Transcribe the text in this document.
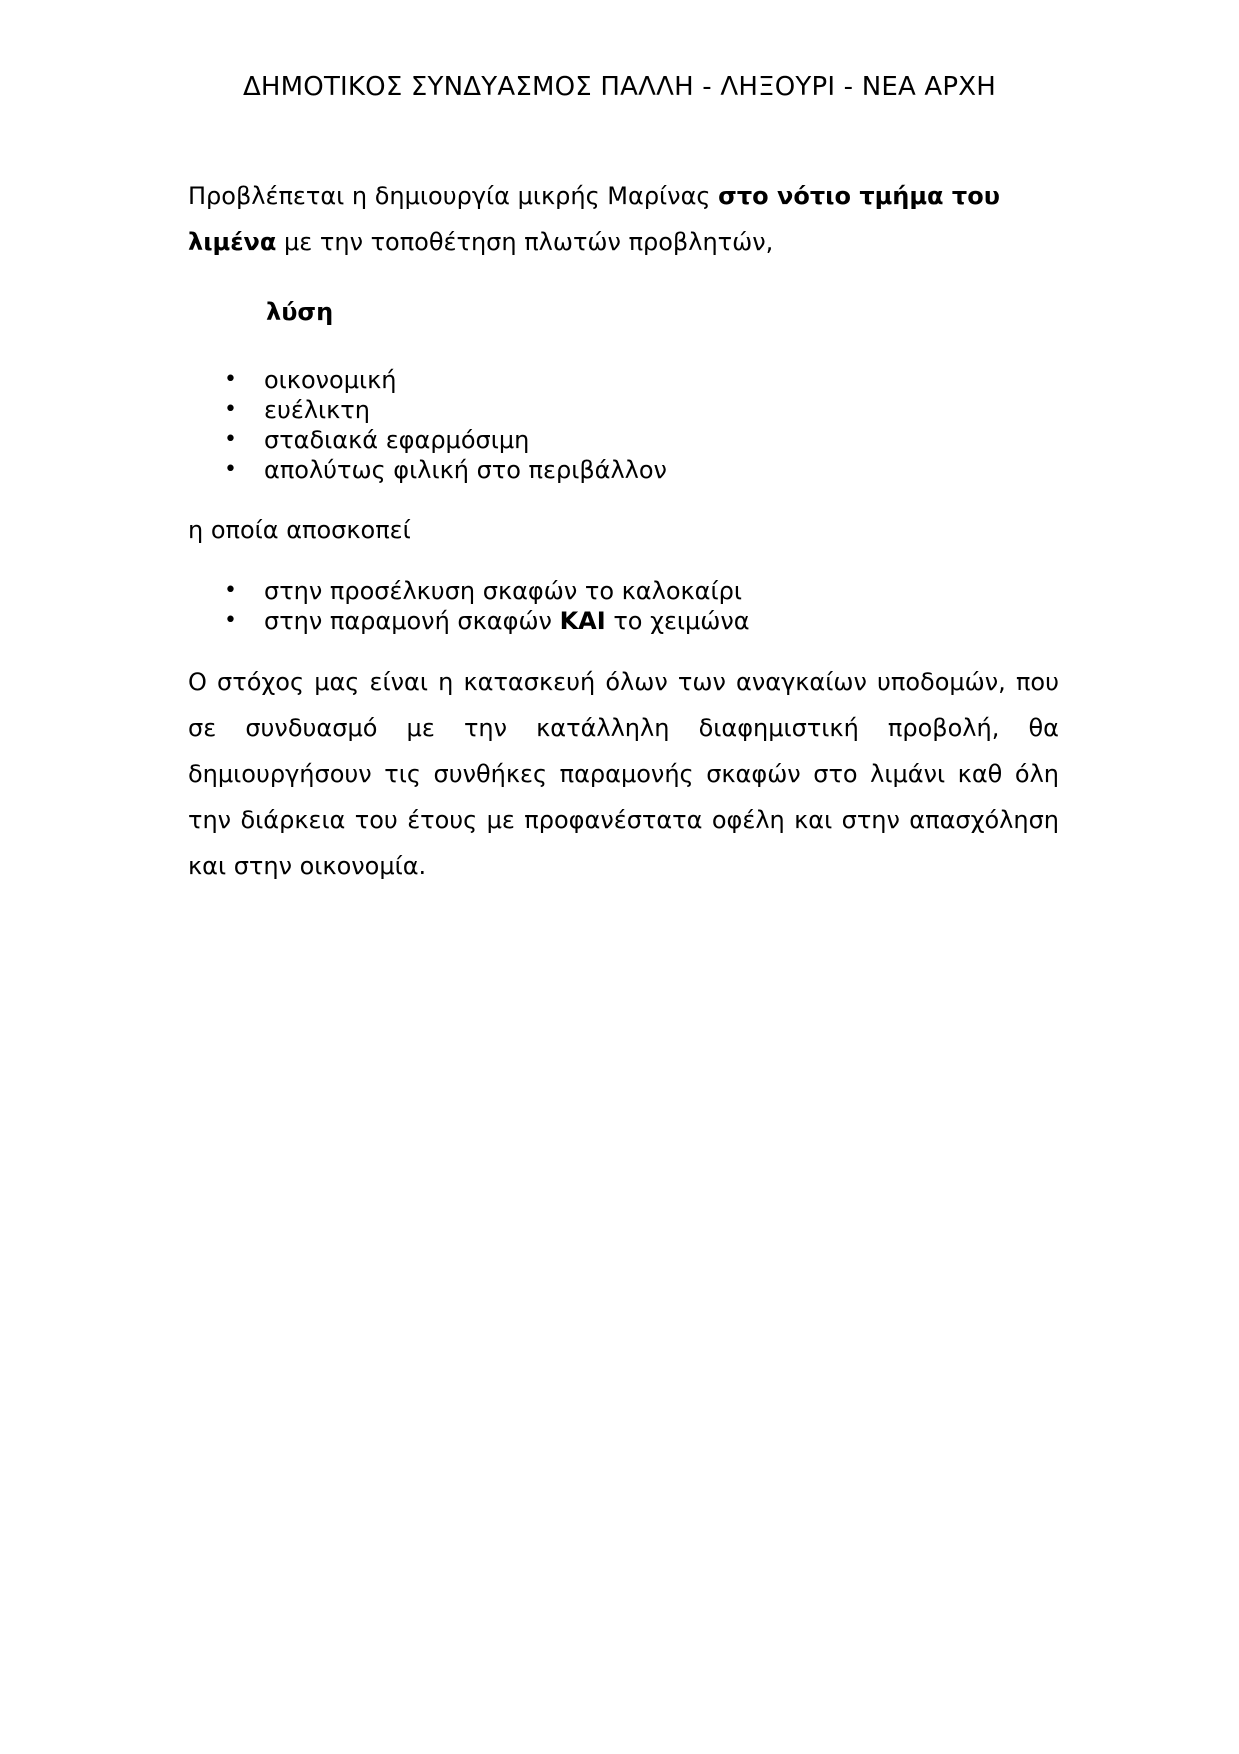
ΔΗΜΟΤΙΚΟΣ ΣΥΝΔΥΑΣΜΟΣ ΠΑΛΛΗ - ΛΗΞΟΥΡΙ - ΝΕΑ ΑΡΧΗ

Προβλέπεται η δημιουργία μικρής Μαρίνας στο νότιο τμήμα του λιμένα με την τοποθέτηση πλωτών προβλητών,

λύση
• οικονομική
• ευέλικτη
• σταδιακά εφαρμόσιμη
• απολύτως φιλική στο περιβάλλον
η οποία αποσκοπεί
• στην προσέλκυση σκαφών το καλοκαίρι
• στην παραμονή σκαφών ΚΑΙ το χειμώνα

Ο στόχος μας είναι η κατασκευή όλων των αναγκαίων υποδομών, που σε συνδυασμό με την κατάλληλη διαφημιστική προβολή, θα δημιουργήσουν τις συνθήκες παραμονής σκαφών στο λιμάνι καθ όλη την διάρκεια του έτους με προφανέστατα οφέλη και στην απασχόληση και στην οικονομία.
